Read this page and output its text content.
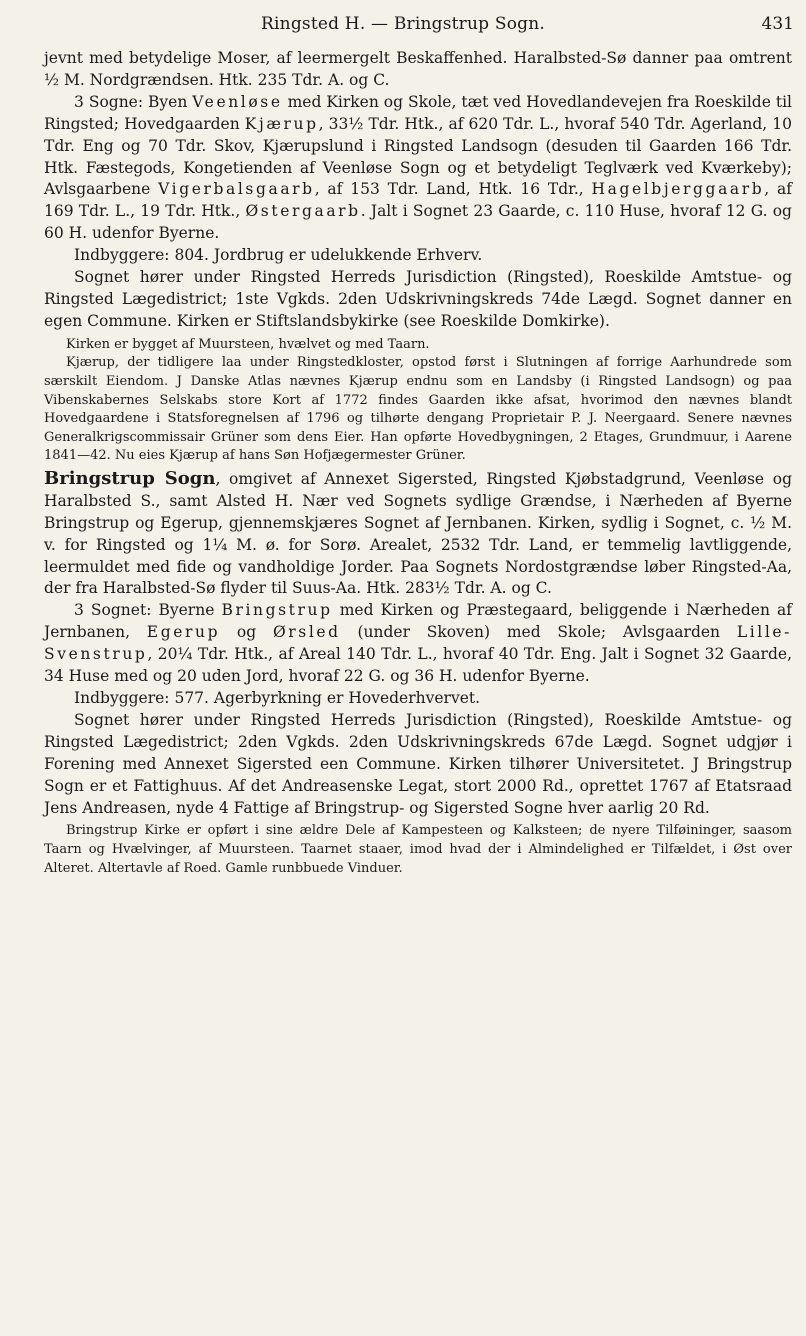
Ringsted H. — Bringstrup Sogn.	431

jevnt med betydelige Moser, af leermergelt Beskaffenhed. Haralbsted-Sø danner paa omtrent ½ M. Nordgrændsen. Htk. 235 Tdr. A. og C.

3 Sogne: Byen Veenløse med Kirken og Skole, tæt ved Hovedlandevejen fra Roeskilde til Ringsted; Hovedgaarden Kjærup, 33½ Tdr. Htk., af 620 Tdr. L., hvoraf 540 Tdr. Agerland, 10 Tdr. Eng og 70 Tdr. Skov, Kjærupslund i Ringsted Landsogn (desuden til Gaarden 166 Tdr. Htk. Fæstegods, Kongetienden af Veenløse Sogn og et betydeligt Teglværk ved Kværkeby); Avlsgaarbene Vigerbalsgaarb, af 153 Tdr. Land, Htk. 16 Tdr., Hagelbjerggaarb, af 169 Tdr. L., 19 Tdr. Htk., Østergaarb. Jalt i Sognet 23 Gaarde, c. 110 Huse, hvoraf 12 G. og 60 H. udenfor Byerne.

Indbyggere: 804. Jordbrug er udelukkende Erhverv.

Sognet hører under Ringsted Herreds Jurisdiction (Ringsted), Roeskilde Amtstue- og Ringsted Lægedistrict; 1ste Vgkds. 2den Udskrivningskreds 74de Lægd. Sognet danner en egen Commune. Kirken er Stiftslandsbykirke (see Roeskilde Domkirke).

Kirken er bygget af Muursteen, hvælvet og med Taarn.

Kjærup, der tidligere laa under Ringstedkloster, opstod først i Slutningen af forrige Aarhundrede som særskilt Eiendom. J Danske Atlas nævnes Kjærup endnu som en Landsby (i Ringsted Landsogn) og paa Vibenskabernes Selskabs store Kort af 1772 findes Gaarden ikke afsat, hvorimod den nævnes blandt Hovedgaardene i Statsforegnelsen af 1796 og tilhørte dengang Proprietair P. J. Neergaard. Senere nævnes Generalkrigscommissair Grüner som dens Eier. Han opførte Hovedbygningen, 2 Etages, Grundmuur, i Aarene 1841—42. Nu eies Kjærup af hans Søn Hofjægermester Grüner.

Bringstrup Sogn, omgivet af Annexet Sigersted, Ringsted Kjøbstadgrund, Veenløse og Haralbsted S., samt Alsted H. Nær ved Sognets sydlige Grændse, i Nærheden af Byerne Bringstrup og Egerup, gjennemskjæres Sognet af Jernbanen. Kirken, sydlig i Sognet, c. ½ M. v. for Ringsted og 1¼ M. ø. for Sorø. Arealet, 2532 Tdr. Land, er temmelig lavtliggende, leermuldet med fide og vandholdige Jorder. Paa Sognets Nordostgrændse løber Ringsted-Aa, der fra Haralbsted-Sø flyder til Suus-Aa. Htk. 283½ Tdr. A. og C.

3 Sognet: Byerne Bringstrup med Kirken og Præstegaard, beliggende i Nærheden af Jernbanen, Egerup og Ørsled (under Skoven) med Skole; Avlsgaarden Lille-Svenstrup, 20¼ Tdr. Htk., af Areal 140 Tdr. L., hvoraf 40 Tdr. Eng. Jalt i Sognet 32 Gaarde, 34 Huse med og 20 uden Jord, hvoraf 22 G. og 36 H. udenfor Byerne.

Indbyggere: 577. Agerbyrkning er Hovederhvervet.

Sognet hører under Ringsted Herreds Jurisdiction (Ringsted), Roeskilde Amtstue- og Ringsted Lægedistrict; 2den Vgkds. 2den Udskrivningskreds 67de Lægd. Sognet udgjør i Forening med Annexet Sigersted een Commune. Kirken tilhører Universitetet. J Bringstrup Sogn er et Fattighuus. Af det Andreasenske Legat, stort 2000 Rd., oprettet 1767 af Etatsraad Jens Andreasen, nyde 4 Fattige af Bringstrup- og Sigersted Sogne hver aarlig 20 Rd.

Bringstrup Kirke er opført i sine ældre Dele af Kampesteen og Kalksteen; de nyere Tilføininger, saasom Taarn og Hvælvinger, af Muursteen. Taarnet staaer, imod hvad der i Almindelighed er Tilfældet, i Øst over Alteret. Altertavle af Roed. Gamle runbbuede Vinduer.
